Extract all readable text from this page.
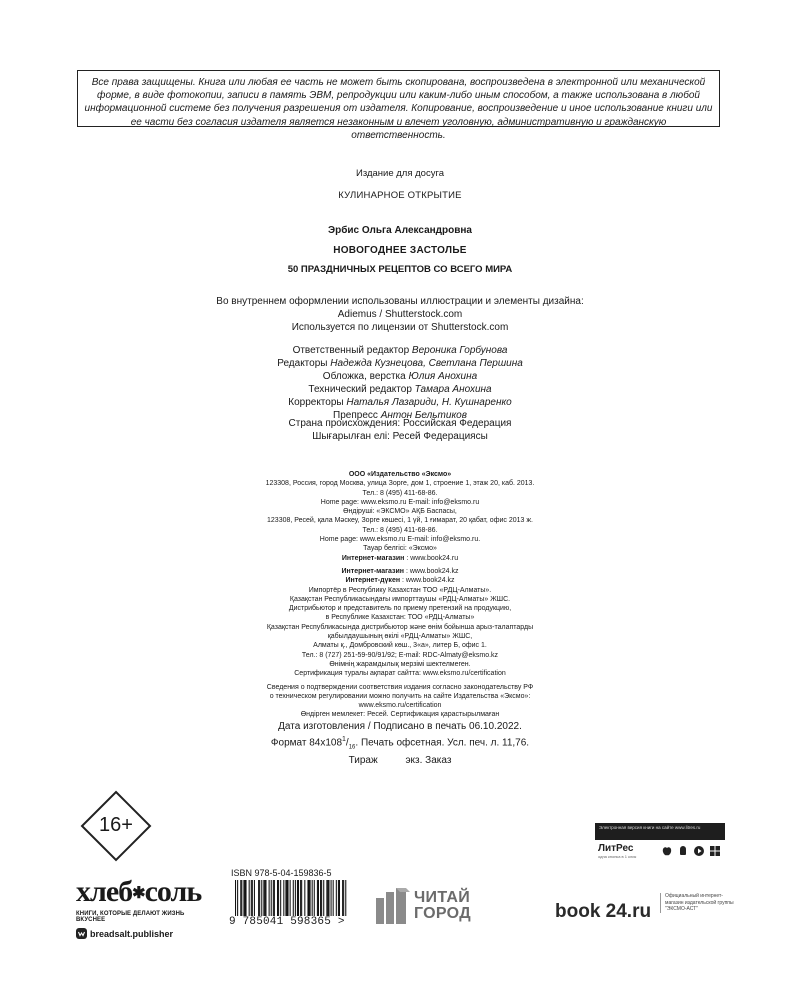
Все права защищены. Книга или любая ее часть не может быть скопирована, воспроизведена в электронной или механической форме, в виде фотокопии, записи в память ЭВМ, репродукции или каким-либо иным способом, а также использована в любой информационной системе без получения разрешения от издателя. Копирование, воспроизведение и иное использование книги или ее части без согласия издателя является незаконным и влечет уголовную, административную и гражданскую ответственность.
Издание для досуга
КУЛИНАРНОЕ ОТКРЫТИЕ
Эрбис Ольга Александровна
НОВОГОДНЕЕ ЗАСТОЛЬЕ
50 ПРАЗДНИЧНЫХ РЕЦЕПТОВ СО ВСЕГО МИРА
Во внутреннем оформлении использованы иллюстрации и элементы дизайна:
Adiemus / Shutterstock.com
Используется по лицензии от Shutterstock.com
Ответственный редактор Вероника Горбунова
Редакторы Надежда Кузнецова, Светлана Першина
Обложка, верстка Юлия Анохина
Технический редактор Тамара Анохина
Корректоры Наталья Лазариди, Н. Кушнаренко
Препресс Антон Бельтиков
Страна происхождения: Российская Федерация
Шығарылған елі: Ресей Федерациясы
ООО «Издательство «Эксмо»
123308, Россия, город Москва, улица Зорге, дом 1, строение 1, этаж 20, каб. 2013.
Тел.: 8 (495) 411-68-86.
Home page: www.eksmo.ru E-mail: info@eksmo.ru
Өндіруші: «ЭКСМО» АҚБ Баспасы,
123308, Ресей, қала Мәскеу, Зорге көшесі, 1 үй, 1 ғимарат, 20 қабат, офис 2013 ж.
Тел.: 8 (495) 411-68-86.
Home page: www.eksmo.ru E-mail: info@eksmo.ru.
Тауар белгісі: «Эксмо»
Интернет-магазин : www.book24.ru
Интернет-магазин : www.book24.kz
Интернет-дүкен : www.book24.kz
Импортёр в Республику Казахстан ТОО «РДЦ-Алматы».
Қазақстан Республикасындағы импорттаушы «РДЦ-Алматы» ЖШС.
Дистрибьютор и представитель по приему претензий на продукцию,
в Республике Казахстан: ТОО «РДЦ-Алматы»
Қазақстан Республикасында дистрибьютор және өнім бойынша арыз-талаптарды
қабылдаушының өкілі «РДЦ-Алматы» ЖШС,
Алматы қ., Домбровский көш., 3«а», литер Б, офис 1.
Тел.: 8 (727) 251-59-90/91/92; E-mail: RDC-Almaty@eksmo.kz
Өнімнің жарамдылық мерзімі шектелмеген.
Сертификация туралы ақпарат сайтта: www.eksmo.ru/certification
Сведения о подтверждении соответствия издания согласно законодательству РФ
о техническом регулировании можно получить на сайте Издательства «Эксмо»:
www.eksmo.ru/certification
Өндірген мемлекет: Ресей. Сертификация қарастырылмаған
Дата изготовления / Подписано в печать 06.10.2022.
Формат $84x108^1/_{16}$. Печать офсетная. Усл. печ. л. 11,76.
Тираж          экз. Заказ
16+
хлеб✱соль
КНИГИ, КОТОРЫЕ ДЕЛАЮТ ЖИЗНЬ ВКУСНЕЕ
breadsalt.publisher
ISBN 978-5-04-159836-5
9 785041 598365 >
ЧИТАЙ
ГОРОД	book 24.ru
Официальный интернет-магазин издательской группы "ЭКСМО-АСТ"
Электронная версия книги на сайте www.litres.ru
ЛитРес
одна кнопка в 1 клик
